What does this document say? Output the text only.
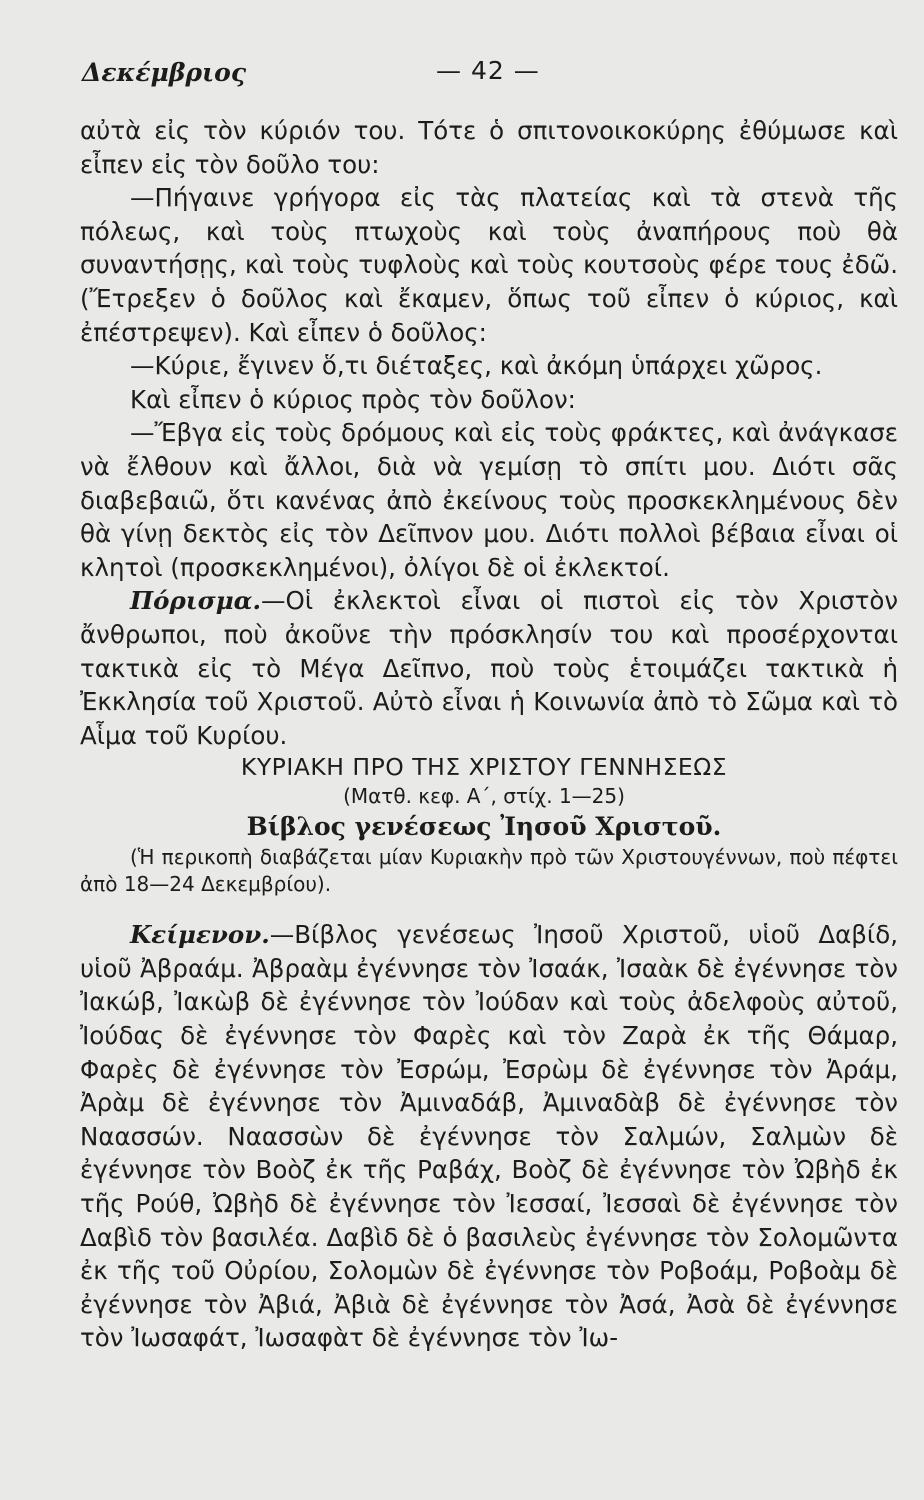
Δεκέμβριος	— 42 —

αὐτὰ εἰς τὸν κύριόν του. Τότε ὁ σπιτονοικοκύρης ἐθύμωσε καὶ εἶπεν εἰς τὸν δοῦλο του:

—Πήγαινε γρήγορα εἰς τὰς πλατείας καὶ τὰ στενὰ τῆς πόλεως, καὶ τοὺς πτωχοὺς καὶ τοὺς ἀναπήρους ποὺ θὰ συναντήσῃς, καὶ τοὺς τυφλοὺς καὶ τοὺς κουτσοὺς φέρε τους ἐδῶ. (Ἔτρεξεν ὁ δοῦλος καὶ ἔκαμεν, ὅπως τοῦ εἶπεν ὁ κύριος, καὶ ἐπέστρεψεν). Καὶ εἶπεν ὁ δοῦλος:

—Κύριε, ἔγινεν ὅ,τι διέταξες, καὶ ἀκόμη ὑπάρχει χῶρος.

Καὶ εἶπεν ὁ κύριος πρὸς τὸν δοῦλον:

—Ἔβγα εἰς τοὺς δρόμους καὶ εἰς τοὺς φράκτες, καὶ ἀνάγκασε νὰ ἔλθουν καὶ ἄλλοι, διὰ νὰ γεμίσῃ τὸ σπίτι μου. Διότι σᾶς διαβεβαιῶ, ὅτι κανένας ἀπὸ ἐκείνους τοὺς προσκεκλημένους δὲν θὰ γίνῃ δεκτὸς εἰς τὸν Δεῖπνον μου. Διότι πολλοὶ βέβαια εἶναι οἱ κλητοὶ (προσκεκλημένοι), ὀλίγοι δὲ οἱ ἐκλεκτοί.

Πόρισμα.—Οἱ ἐκλεκτοὶ εἶναι οἱ πιστοὶ εἰς τὸν Χριστὸν ἄνθρωποι, ποὺ ἀκοῦνε τὴν πρόσκλησίν του καὶ προσέρχονται τακτικὰ εἰς τὸ Μέγα Δεῖπνο, ποὺ τοὺς ἑτοιμάζει τακτικὰ ἡ Ἐκκλησία τοῦ Χριστοῦ. Αὐτὸ εἶναι ἡ Κοινωνία ἀπὸ τὸ Σῶμα καὶ τὸ Αἷμα τοῦ Κυρίου.

ΚΥΡΙΑΚΗ ΠΡΟ ΤΗΣ ΧΡΙΣΤΟΥ ΓΕΝΝΗΣΕΩΣ

(Ματθ. κεφ. Α΄, στίχ. 1—25)

Βίβλος γενέσεως Ἰησοῦ Χριστοῦ.

(Ἡ περικοπὴ διαβάζεται μίαν Κυριακὴν πρὸ τῶν Χριστουγέννων, ποὺ πέφτει ἀπὸ 18—24 Δεκεμβρίου).

Κείμενον.—Βίβλος γενέσεως Ἰησοῦ Χριστοῦ, υἱοῦ Δαβίδ, υἱοῦ Ἀβραάμ. Ἀβραὰμ ἐγέννησε τὸν Ἰσαάκ, Ἰσαὰκ δὲ ἐγέννησε τὸν Ἰακώβ, Ἰακὼβ δὲ ἐγέννησε τὸν Ἰούδαν καὶ τοὺς ἀδελφοὺς αὐτοῦ, Ἰούδας δὲ ἐγέννησε τὸν Φαρὲς καὶ τὸν Ζαρὰ ἐκ τῆς Θάμαρ, Φαρὲς δὲ ἐγέννησε τὸν Ἐσρώμ, Ἐσρὼμ δὲ ἐγέννησε τὸν Ἀράμ, Ἀρὰμ δὲ ἐγέννησε τὸν Ἀμιναδάβ, Ἀμιναδὰβ δὲ ἐγέννησε τὸν Ναασσών. Ναασσὼν δὲ ἐγέννησε τὸν Σαλμών, Σαλμὼν δὲ ἐγέννησε τὸν Βοὸζ ἐκ τῆς Ραβάχ, Βοὸζ δὲ ἐγέννησε τὸν Ὠβὴδ ἐκ τῆς Ρούθ, Ὠβὴδ δὲ ἐγέννησε τὸν Ἰεσσαί, Ἰεσσαὶ δὲ ἐγέννησε τὸν Δαβὶδ τὸν βασιλέα. Δαβὶδ δὲ ὁ βασιλεὺς ἐγέννησε τὸν Σολομῶντα ἐκ τῆς τοῦ Οὐρίου, Σολομὼν δὲ ἐγέννησε τὸν Ροβοάμ, Ροβοὰμ δὲ ἐγέννησε τὸν Ἀβιά, Ἀβιὰ δὲ ἐγέννησε τὸν Ἀσά, Ἀσὰ δὲ ἐγέννησε τὸν Ἰωσαφάτ, Ἰωσαφὰτ δὲ ἐγέννησε τὸν Ἰω-
